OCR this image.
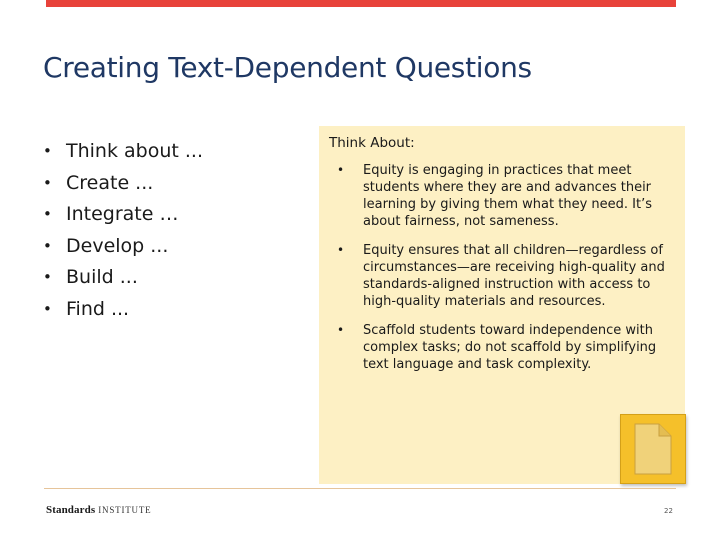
Creating Text-Dependent Questions
• Think about ...
• Create ...
• Integrate …
• Develop ...
• Build ...
• Find ...
Think About:
• Equity is engaging in practices that meet students where they are and advances their learning by giving them what they need. It’s about fairness, not sameness.
• Equity ensures that all children—regardless of circumstances—are receiving high-quality and standards-aligned instruction with access to high-quality materials and resources.
• Scaffold students toward independence with complex tasks; do not scaffold by simplifying text language and task complexity.
Standards INSTITUTE	22
